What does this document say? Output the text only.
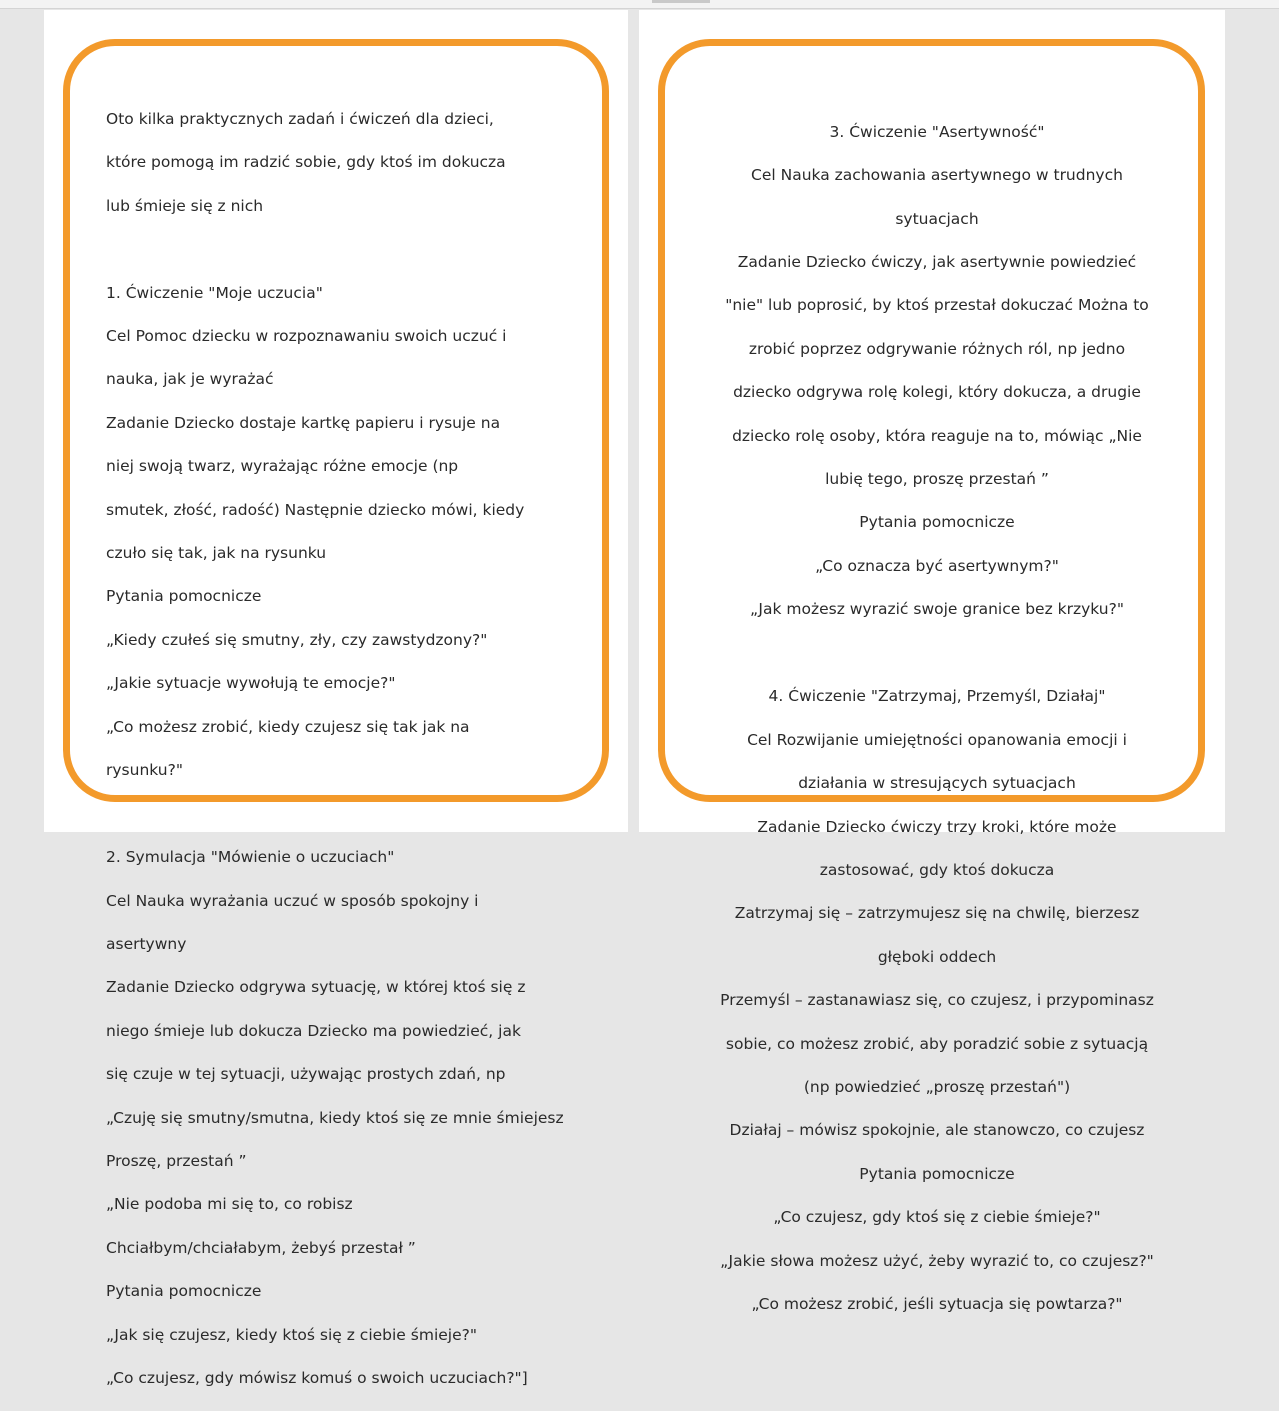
Oto kilka praktycznych zadań i ćwiczeń dla dzieci,

które pomogą im radzić sobie, gdy ktoś im dokucza

lub śmieje się z nich

1. Ćwiczenie "Moje uczucia"

Cel Pomoc dziecku w rozpoznawaniu swoich uczuć i

nauka, jak je wyrażać

Zadanie Dziecko dostaje kartkę papieru i rysuje na

niej swoją twarz, wyrażając różne emocje (np

smutek, złość, radość) Następnie dziecko mówi, kiedy

czuło się tak, jak na rysunku

Pytania pomocnicze

„Kiedy czułeś się smutny, zły, czy zawstydzony?"

„Jakie sytuacje wywołują te emocje?"

„Co możesz zrobić, kiedy czujesz się tak jak na

rysunku?"

2. Symulacja "Mówienie o uczuciach"

Cel Nauka wyrażania uczuć w sposób spokojny i

asertywny

Zadanie Dziecko odgrywa sytuację, w której ktoś się z

niego śmieje lub dokucza Dziecko ma powiedzieć, jak

się czuje w tej sytuacji, używając prostych zdań, np

„Czuję się smutny/smutna, kiedy ktoś się ze mnie śmiejesz

Proszę, przestań ”

„Nie podoba mi się to, co robisz

Chciałbym/chciałabym, żebyś przestał ”

Pytania pomocnicze

„Jak się czujesz, kiedy ktoś się z ciebie śmieje?"

„Co czujesz, gdy mówisz komuś o swoich uczuciach?"]

3. Ćwiczenie "Asertywność"

Cel Nauka zachowania asertywnego w trudnych

sytuacjach

Zadanie Dziecko ćwiczy, jak asertywnie powiedzieć

"nie" lub poprosić, by ktoś przestał dokuczać Można to

zrobić poprzez odgrywanie różnych ról, np jedno

dziecko odgrywa rolę kolegi, który dokucza, a drugie

dziecko rolę osoby, która reaguje na to, mówiąc „Nie

lubię tego, proszę przestań ”

Pytania pomocnicze

„Co oznacza być asertywnym?"

„Jak możesz wyrazić swoje granice bez krzyku?"

4. Ćwiczenie "Zatrzymaj, Przemyśl, Działaj"

Cel Rozwijanie umiejętności opanowania emocji i

działania w stresujących sytuacjach

Zadanie Dziecko ćwiczy trzy kroki, które może

zastosować, gdy ktoś dokucza

Zatrzymaj się – zatrzymujesz się na chwilę, bierzesz

głęboki oddech

Przemyśl – zastanawiasz się, co czujesz, i przypominasz

sobie, co możesz zrobić, aby poradzić sobie z sytuacją

(np powiedzieć „proszę przestań")

Działaj – mówisz spokojnie, ale stanowczo, co czujesz

Pytania pomocnicze

„Co czujesz, gdy ktoś się z ciebie śmieje?"

„Jakie słowa możesz użyć, żeby wyrazić to, co czujesz?"

„Co możesz zrobić, jeśli sytuacja się powtarza?"
